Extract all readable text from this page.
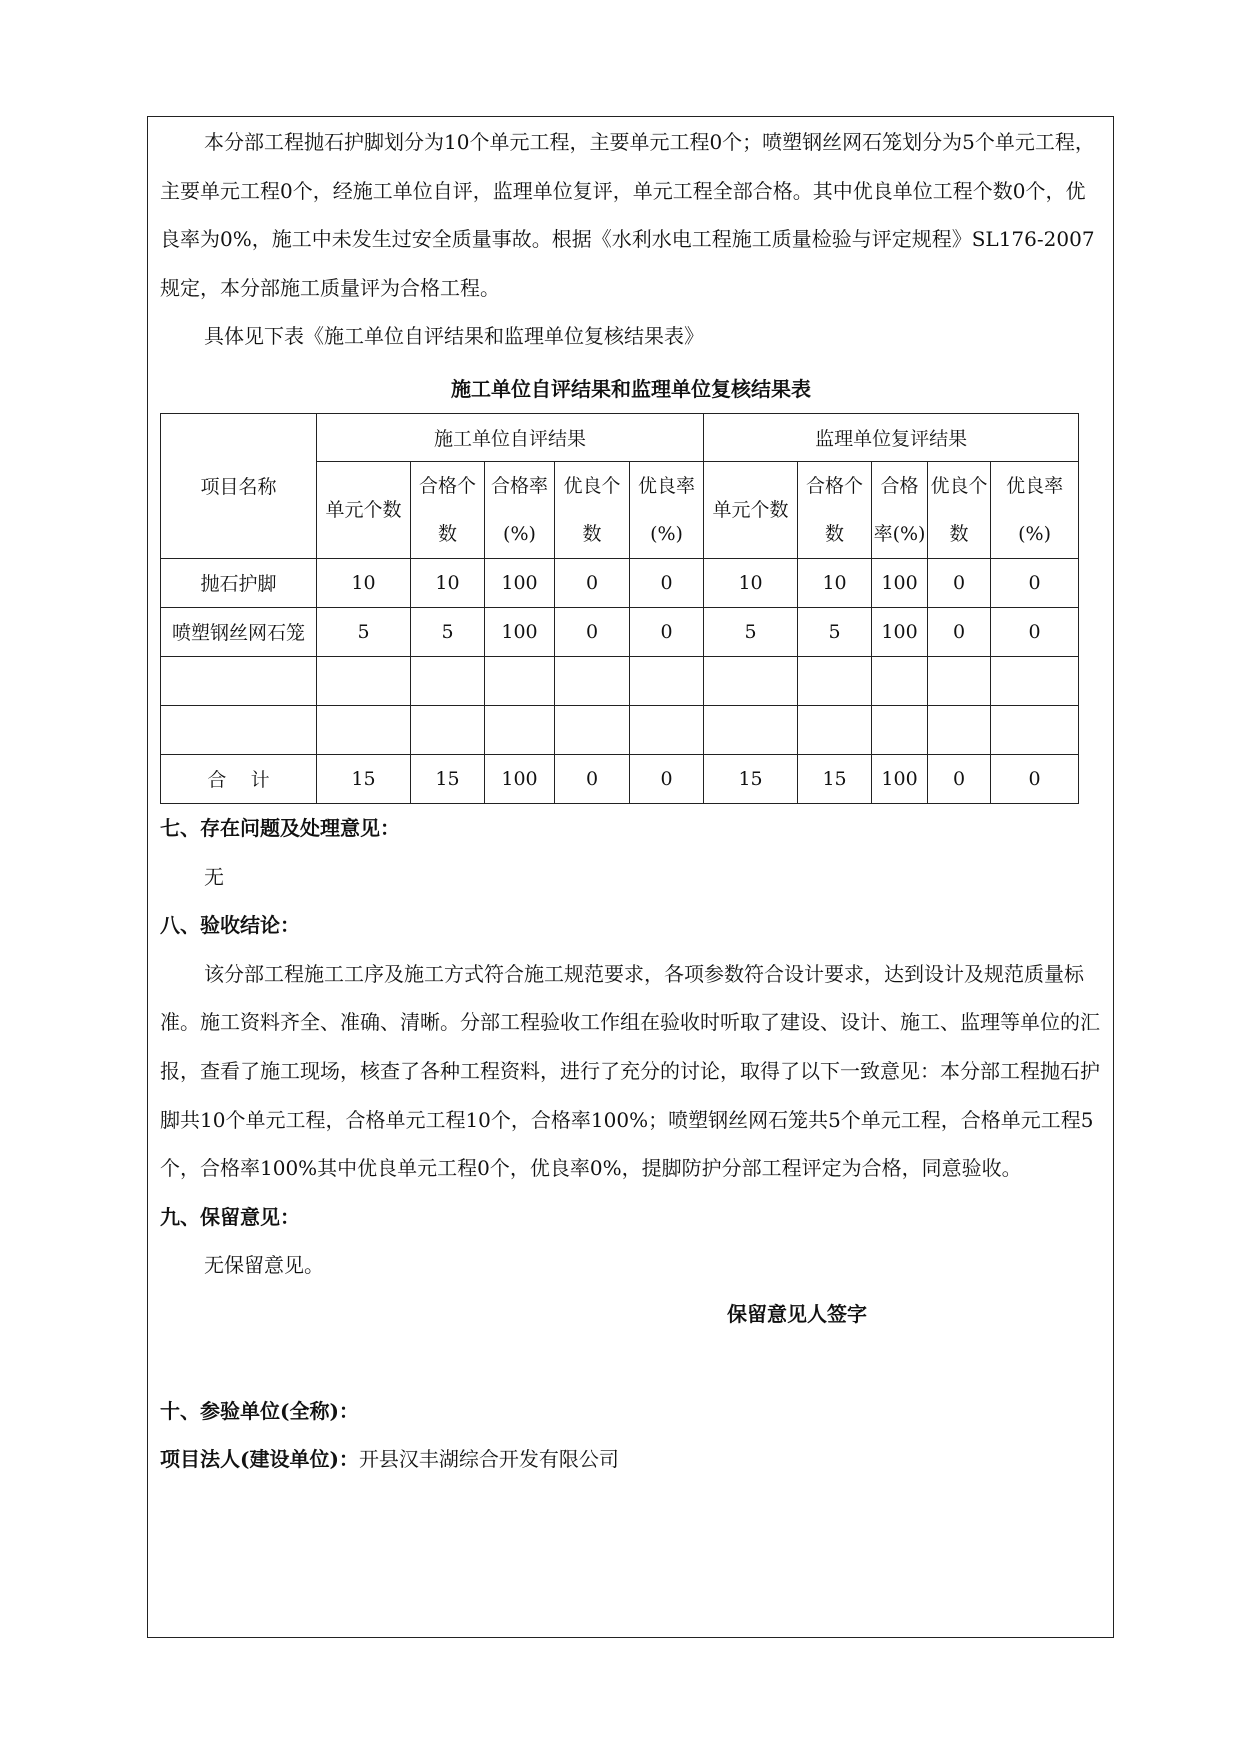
本分部工程抛石护脚划分为10个单元工程，主要单元工程0个；喷塑钢丝网石笼划分为5个单元工程，主要单元工程0个，经施工单位自评，监理单位复评，单元工程全部合格。其中优良单位工程个数0个，优良率为0%，施工中未发生过安全质量事故。根据《水利水电工程施工质量检验与评定规程》SL176-2007规定，本分部施工质量评为合格工程。

具体见下表《施工单位自评结果和监理单位复核结果表》

施工单位自评结果和监理单位复核结果表
项目名称	施工单位自评结果					监理单位复评结果				
	单元个数	合格个数	合格率(%)	优良个数	优良率(%)	单元个数	合格个数	合格率(%)	优良个数	优良率(%)
抛石护脚	10	10	100	0	0	10	10	100	0	0
喷塑钢丝网石笼	5	5	100	0	0	5	5	100	0	0

合    计	15	15	100	0	0	15	15	100	0	0

七、存在问题及处理意见：

无

八、验收结论：

该分部工程施工工序及施工方式符合施工规范要求，各项参数符合设计要求，达到设计及规范质量标准。施工资料齐全、准确、清晰。分部工程验收工作组在验收时听取了建设、设计、施工、监理等单位的汇报，查看了施工现场，核查了各种工程资料，进行了充分的讨论，取得了以下一致意见：本分部工程抛石护脚共10个单元工程，合格单元工程10个，合格率100%；喷塑钢丝网石笼共5个单元工程，合格单元工程5个，合格率100%其中优良单元工程0个，优良率0%，提脚防护分部工程评定为合格，同意验收。

九、保留意见：

无保留意见。

保留意见人签字

十、参验单位(全称)：

项目法人(建设单位)：开县汉丰湖综合开发有限公司
